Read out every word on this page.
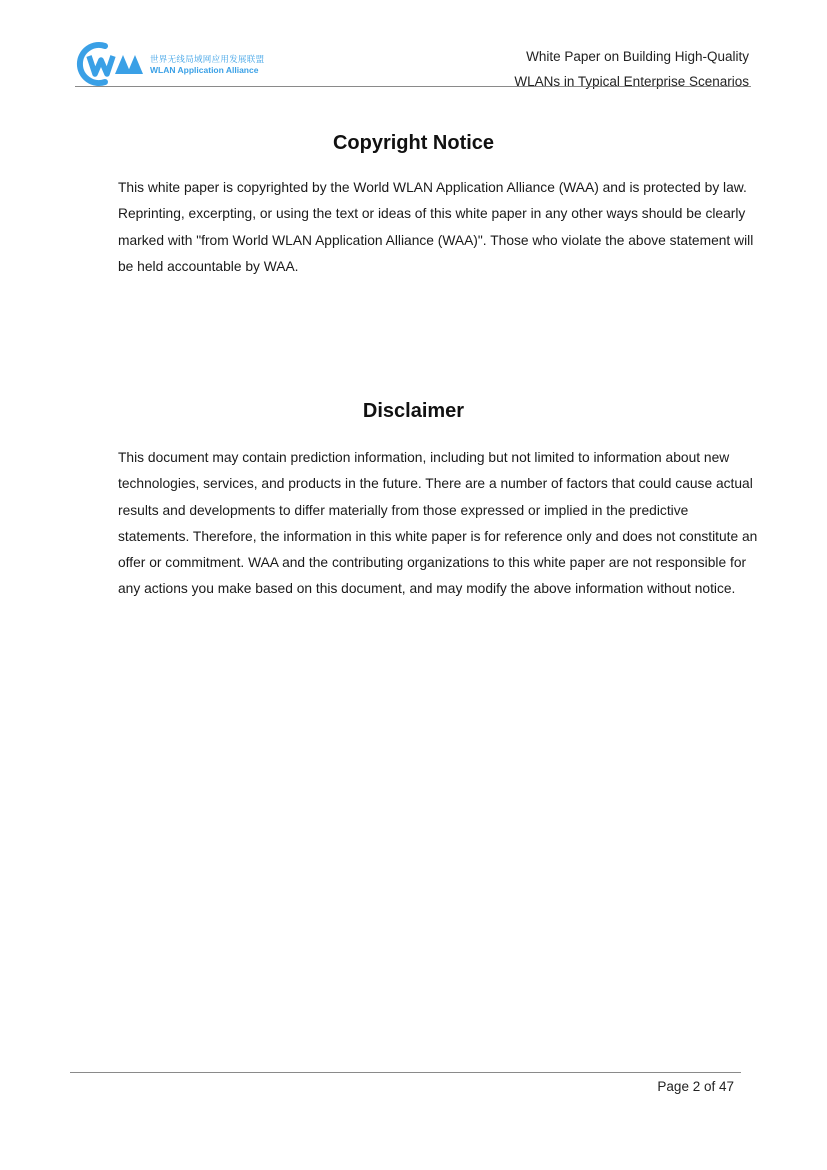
世界无线局域网应用发展联盟
WLAN Application Alliance
White Paper on Building High-Quality
WLANs in Typical Enterprise Scenarios
Copyright Notice

This white paper is copyrighted by the World WLAN Application Alliance (WAA) and is protected by law. Reprinting, excerpting, or using the text or ideas of this white paper in any other ways should be clearly marked with "from World WLAN Application Alliance (WAA)". Those who violate the above statement will be held accountable by WAA.

Disclaimer

This document may contain prediction information, including but not limited to information about new technologies, services, and products in the future. There are a number of factors that could cause actual results and developments to differ materially from those expressed or implied in the predictive statements. Therefore, the information in this white paper is for reference only and does not constitute an offer or commitment. WAA and the contributing organizations to this white paper are not responsible for any actions you make based on this document, and may modify the above information without notice.

Page 2 of 47
